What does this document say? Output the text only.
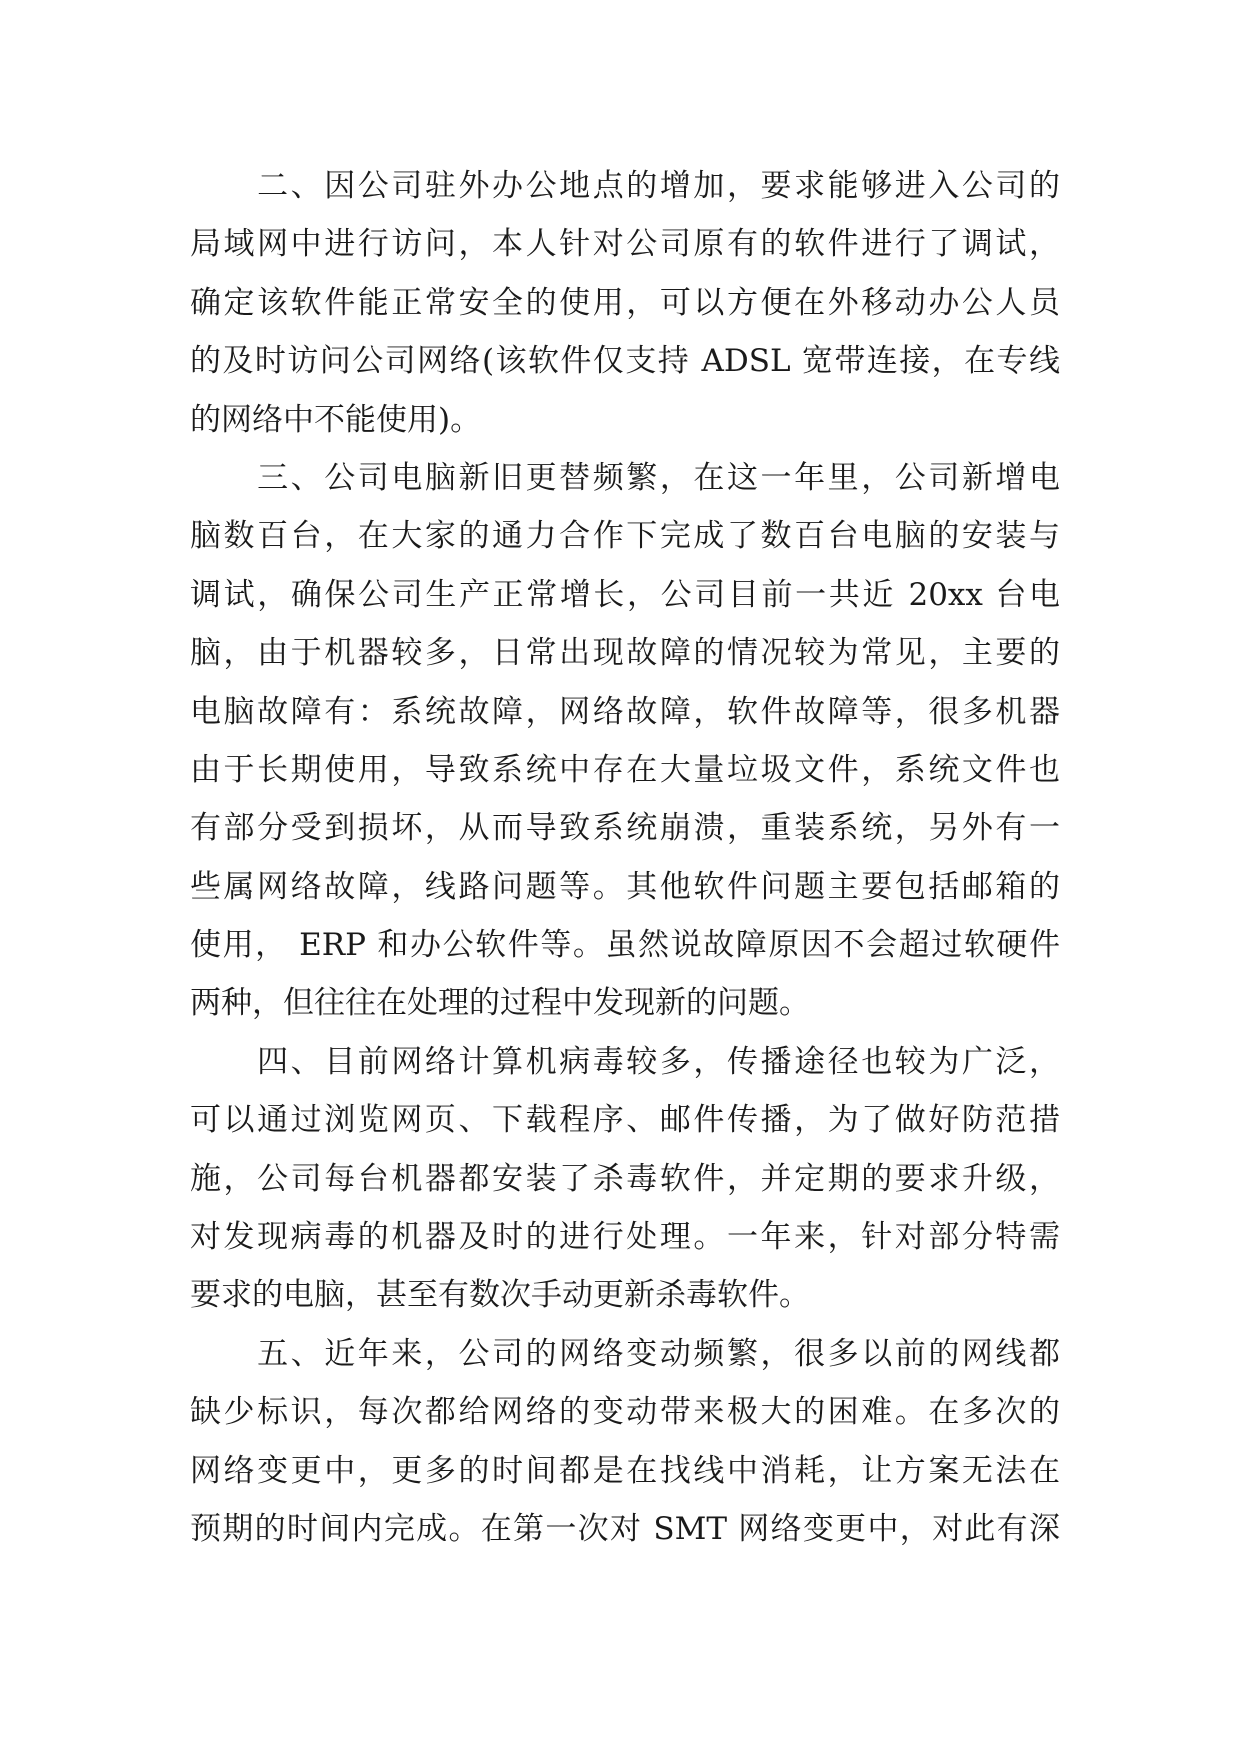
　　二、因公司驻外办公地点的增加，要求能够进入公司的
局域网中进行访问，本人针对公司原有的软件进行了调试，
确定该软件能正常安全的使用，可以方便在外移动办公人员
的及时访问公司网络(该软件仅支持 ADSL 宽带连接，在专线
的网络中不能使用)。
　　三、公司电脑新旧更替频繁，在这一年里，公司新增电
脑数百台，在大家的通力合作下完成了数百台电脑的安装与
调试，确保公司生产正常增长，公司目前一共近 20xx 台电
脑，由于机器较多，日常出现故障的情况较为常见，主要的
电脑故障有：系统故障，网络故障，软件故障等，很多机器
由于长期使用，导致系统中存在大量垃圾文件，系统文件也
有部分受到损坏，从而导致系统崩溃，重装系统，另外有一
些属网络故障，线路问题等。其他软件问题主要包括邮箱的
使用， ERP 和办公软件等。虽然说故障原因不会超过软硬件
两种，但往往在处理的过程中发现新的问题。
　　四、目前网络计算机病毒较多，传播途径也较为广泛，
可以通过浏览网页、下载程序、邮件传播，为了做好防范措
施，公司每台机器都安装了杀毒软件，并定期的要求升级，
对发现病毒的机器及时的进行处理。一年来，针对部分特需
要求的电脑，甚至有数次手动更新杀毒软件。
　　五、近年来，公司的网络变动频繁，很多以前的网线都
缺少标识，每次都给网络的变动带来极大的困难。在多次的
网络变更中，更多的时间都是在找线中消耗，让方案无法在
预期的时间内完成。在第一次对 SMT 网络变更中，对此有深
